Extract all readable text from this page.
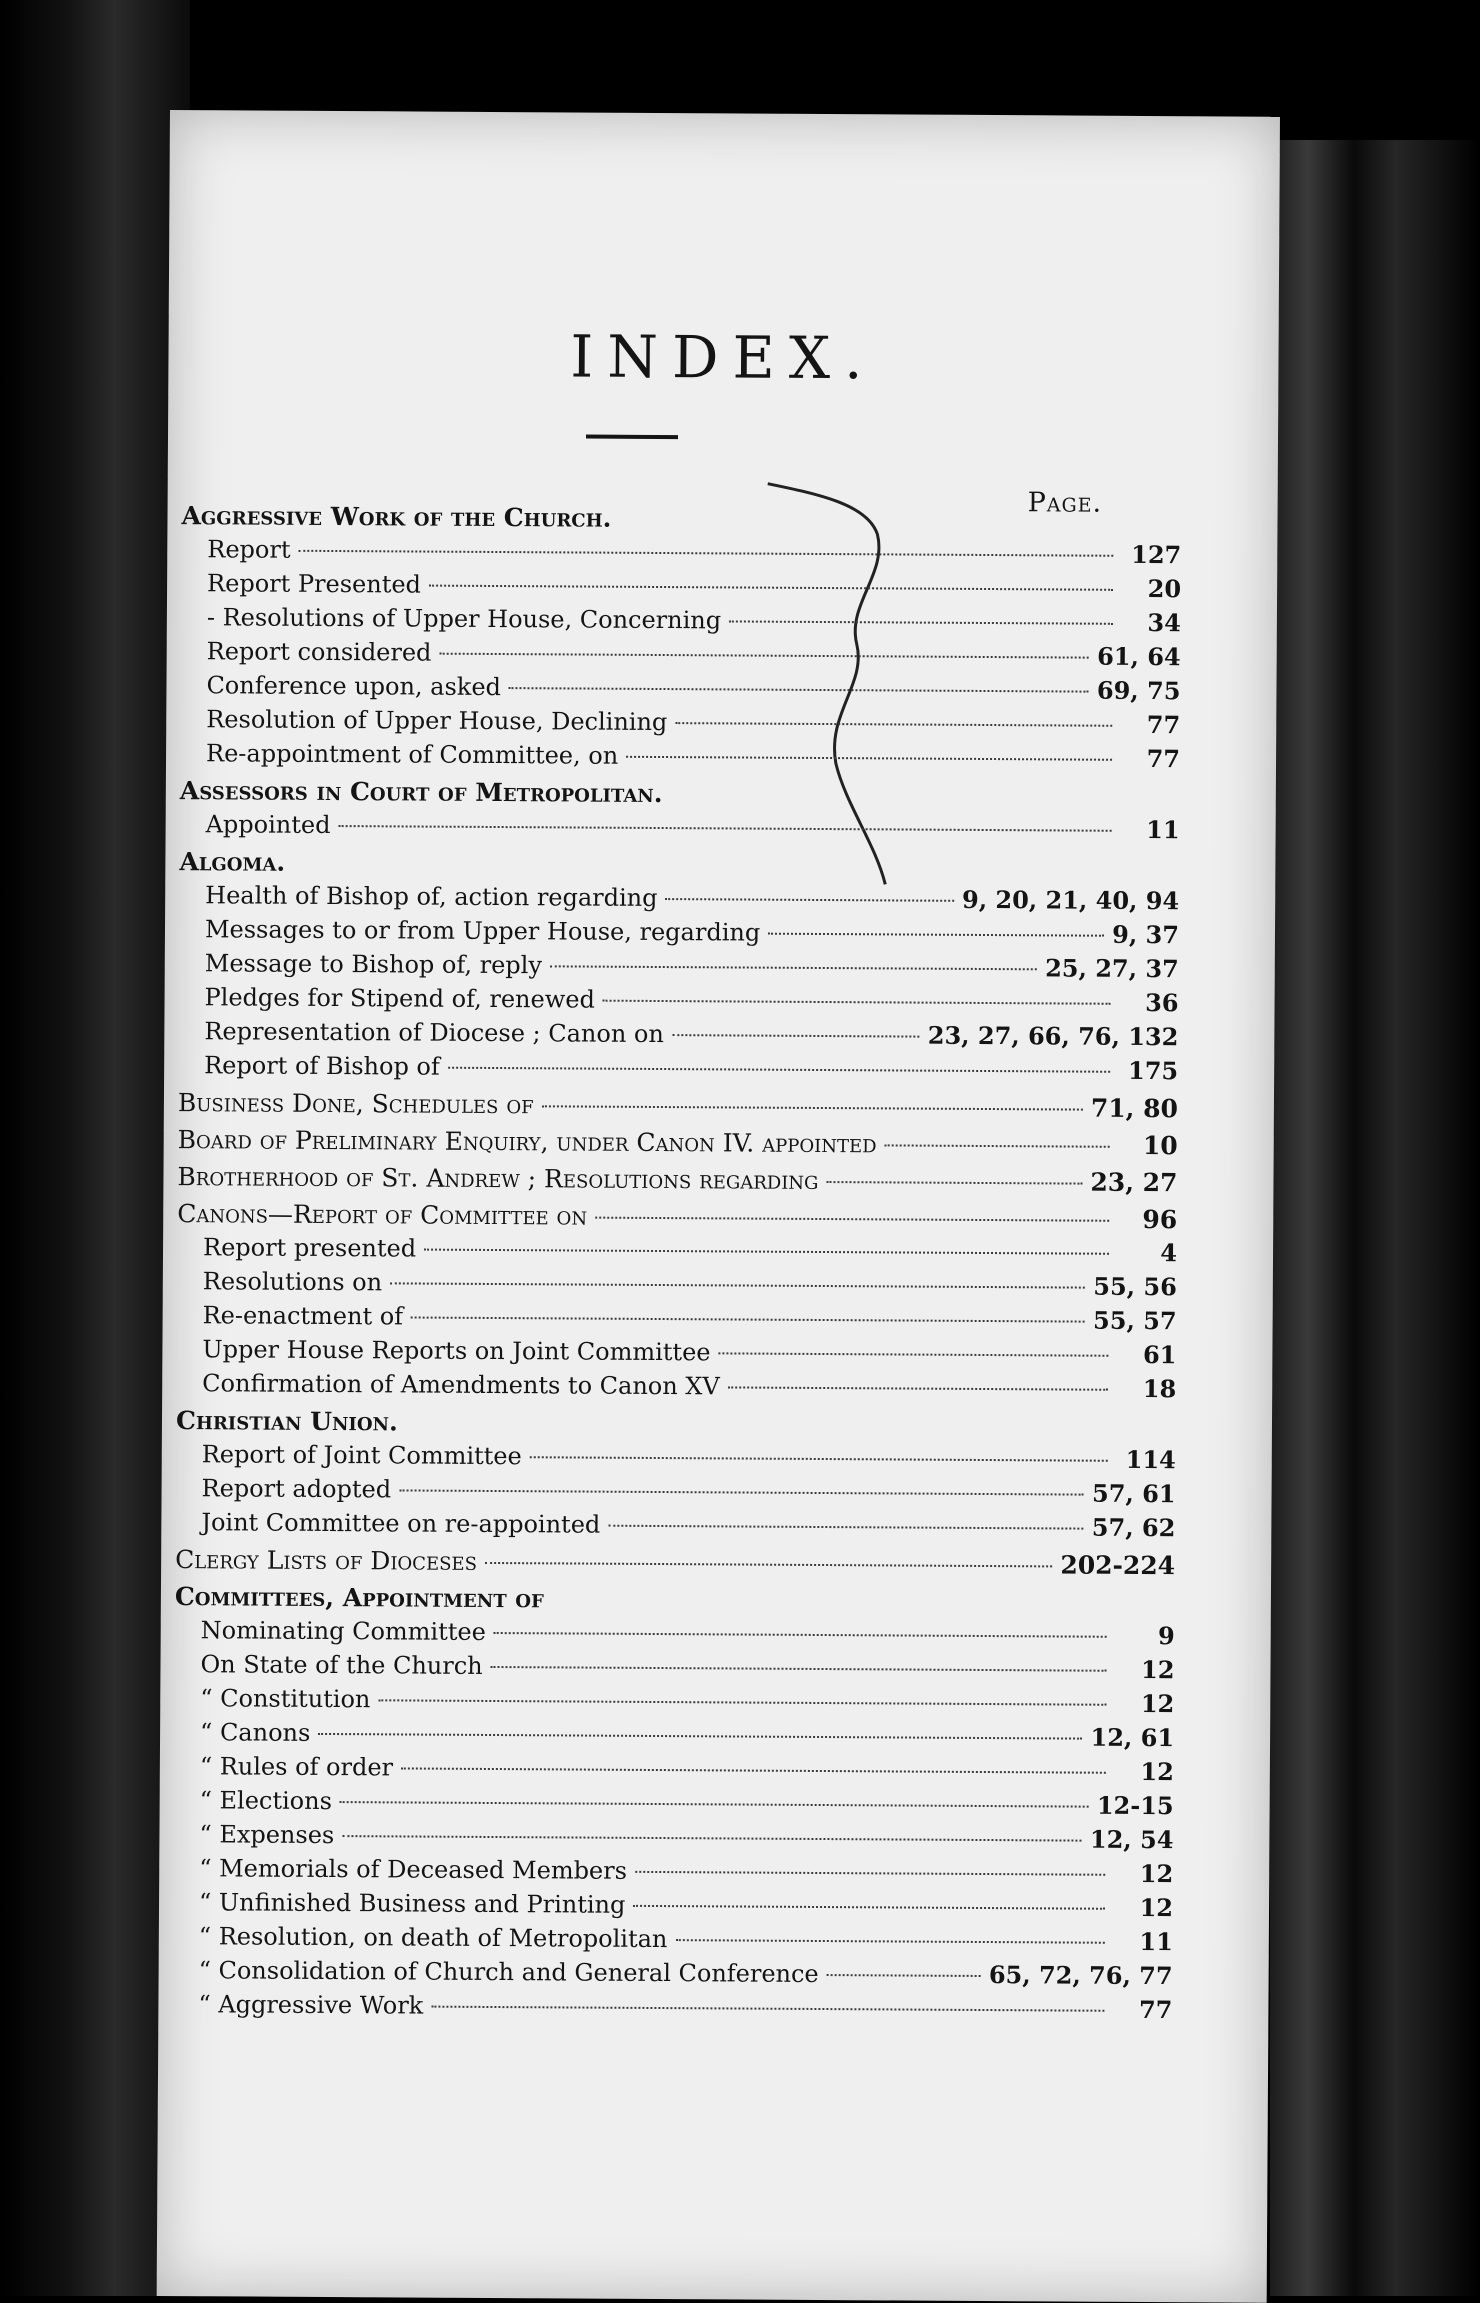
INDEX.
Page.
Aggressive Work of the Church.
Report	127
Report Presented	20
- Resolutions of Upper House, Concerning	34
Report considered	61, 64
Conference upon, asked	69, 75
Resolution of Upper House, Declining	77
Re-appointment of Committee, on	77
Assessors in Court of Metropolitan.
Appointed	11
Algoma.
Health of Bishop of, action regarding	9, 20, 21, 40, 94
Messages to or from Upper House, regarding	9, 37
Message to Bishop of, reply	25, 27, 37
Pledges for Stipend of, renewed	36
Representation of Diocese ; Canon on	23, 27, 66, 76, 132
Report of Bishop of	175
Business Done, Schedules of	71, 80
Board of Preliminary Enquiry, under Canon IV. appointed	10
Brotherhood of St. Andrew ; Resolutions regarding	23, 27
Canons—Report of Committee on	96
Report presented	4
Resolutions on	55, 56
Re-enactment of	55, 57
Upper House Reports on Joint Committee	61
Confirmation of Amendments to Canon XV	18
Christian Union.
Report of Joint Committee	114
Report adopted	57, 61
Joint Committee on re-appointed	57, 62
Clergy Lists of Dioceses	202-224
Committees, Appointment of
Nominating Committee	9
On State of the Church	12
“ Constitution	12
“ Canons	12, 61
“ Rules of order	12
“ Elections	12-15
“ Expenses	12, 54
“ Memorials of Deceased Members	12
“ Unfinished Business and Printing	12
“ Resolution, on death of Metropolitan	11
“ Consolidation of Church and General Conference	65, 72, 76, 77
“ Aggressive Work	77
